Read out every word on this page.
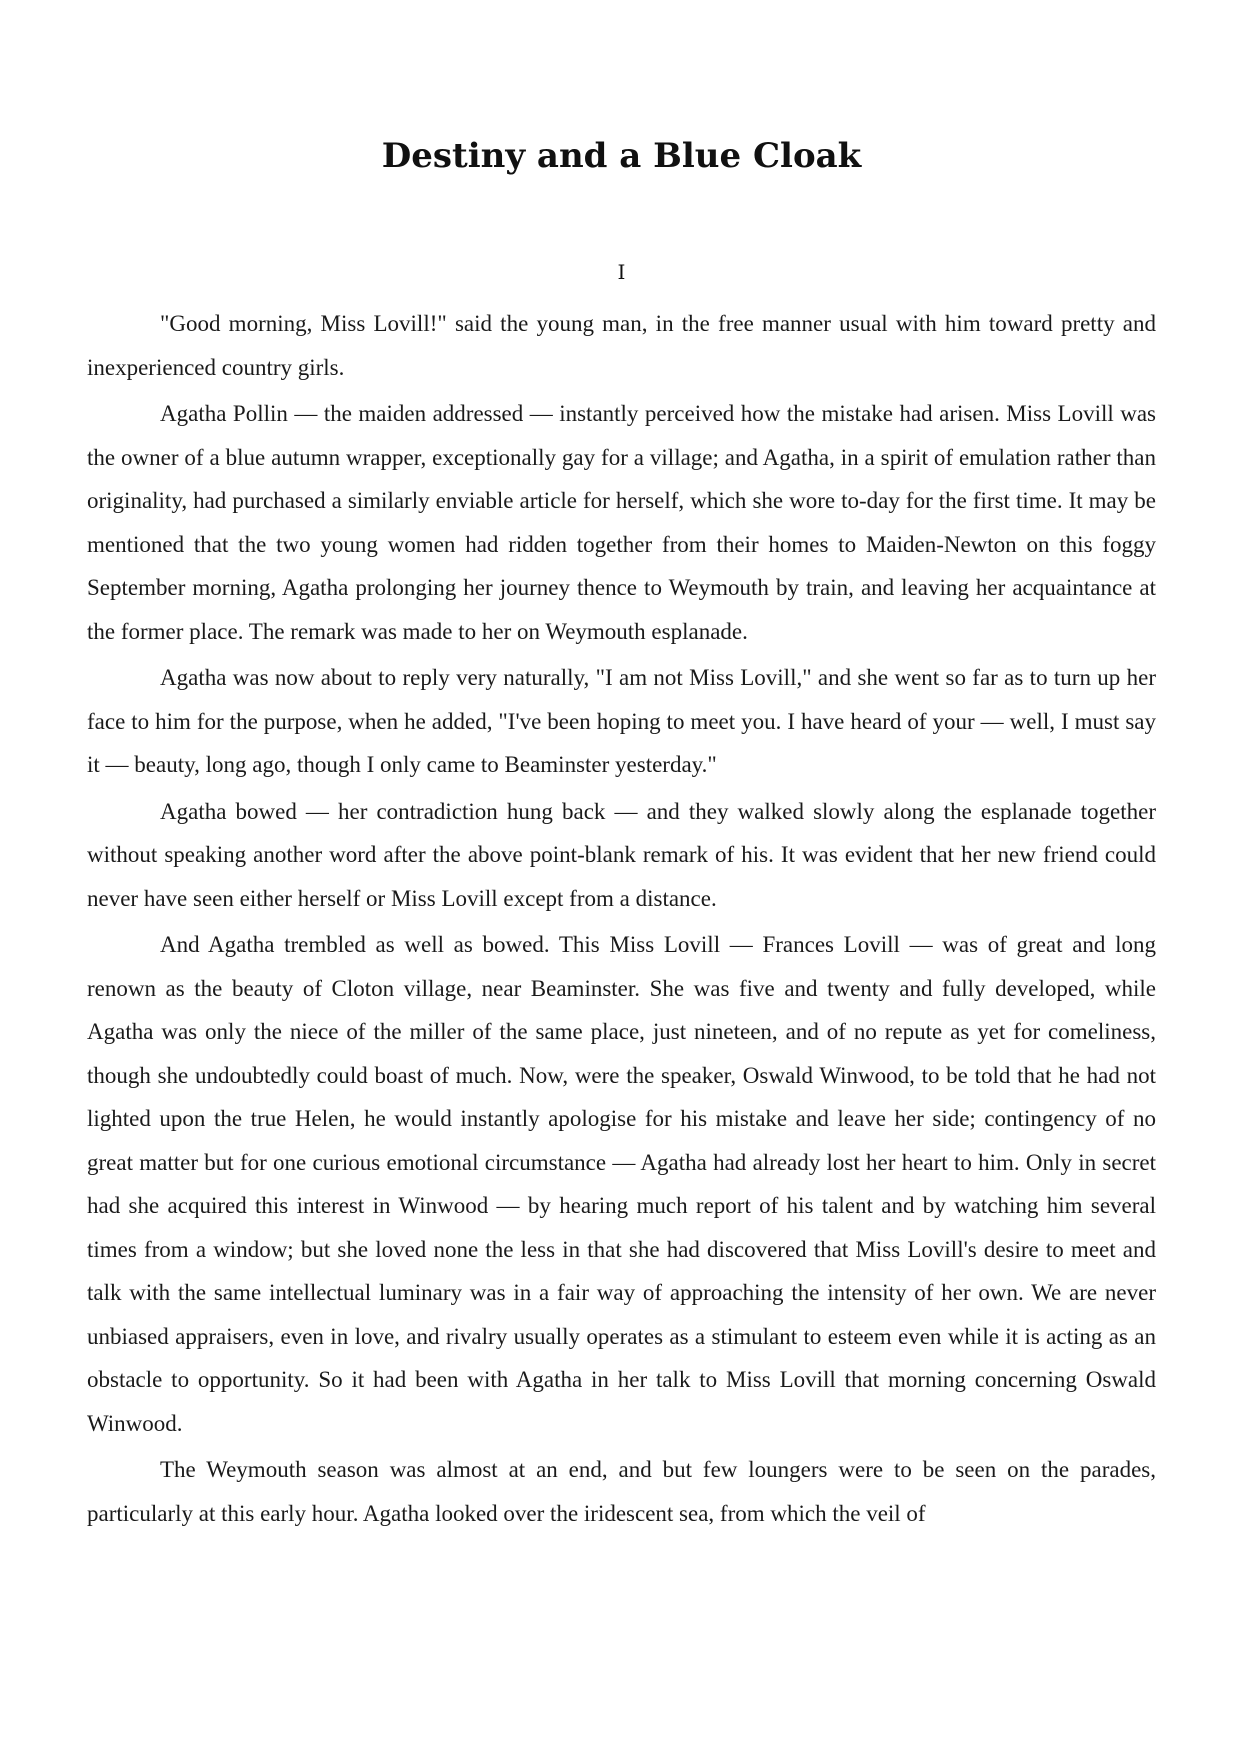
Destiny and a Blue Cloak
I

"Good morning, Miss Lovill!" said the young man, in the free manner usual with him toward pretty and inexperienced country girls.

Agatha Pollin — the maiden addressed — instantly perceived how the mistake had arisen. Miss Lovill was the owner of a blue autumn wrapper, exceptionally gay for a village; and Agatha, in a spirit of emulation rather than originality, had purchased a similarly enviable article for herself, which she wore to-day for the first time. It may be mentioned that the two young women had ridden together from their homes to Maiden-Newton on this foggy September morning, Agatha prolonging her journey thence to Weymouth by train, and leaving her acquaintance at the former place. The remark was made to her on Weymouth esplanade.

Agatha was now about to reply very naturally, "I am not Miss Lovill," and she went so far as to turn up her face to him for the purpose, when he added, "I've been hoping to meet you. I have heard of your — well, I must say it — beauty, long ago, though I only came to Beaminster yesterday."

Agatha bowed — her contradiction hung back — and they walked slowly along the esplanade together without speaking another word after the above point-blank remark of his. It was evident that her new friend could never have seen either herself or Miss Lovill except from a distance.

And Agatha trembled as well as bowed. This Miss Lovill — Frances Lovill — was of great and long renown as the beauty of Cloton village, near Beaminster. She was five and twenty and fully developed, while Agatha was only the niece of the miller of the same place, just nineteen, and of no repute as yet for comeliness, though she undoubtedly could boast of much. Now, were the speaker, Oswald Winwood, to be told that he had not lighted upon the true Helen, he would instantly apologise for his mistake and leave her side; contingency of no great matter but for one curious emotional circumstance — Agatha had already lost her heart to him. Only in secret had she acquired this interest in Winwood — by hearing much report of his talent and by watching him several times from a window; but she loved none the less in that she had discovered that Miss Lovill's desire to meet and talk with the same intellectual luminary was in a fair way of approaching the intensity of her own. We are never unbiased appraisers, even in love, and rivalry usually operates as a stimulant to esteem even while it is acting as an obstacle to opportunity. So it had been with Agatha in her talk to Miss Lovill that morning concerning Oswald Winwood.

The Weymouth season was almost at an end, and but few loungers were to be seen on the parades, particularly at this early hour. Agatha looked over the iridescent sea, from which the veil of
